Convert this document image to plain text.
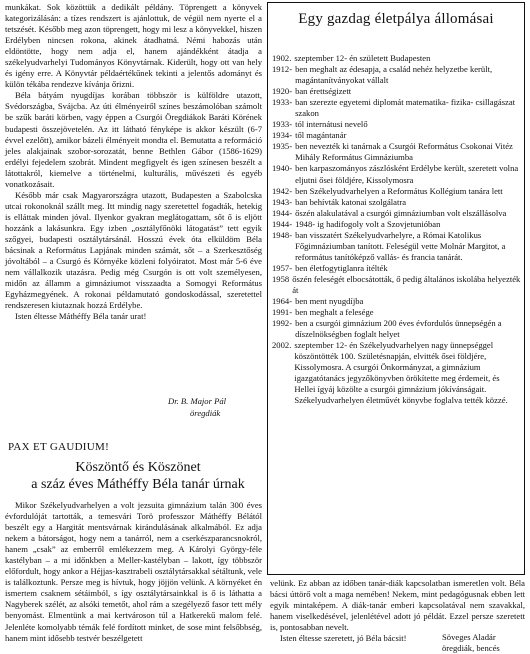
munkákat. Sok közöttük a dedikált példány. Töprengett a könyvek kategorizálásán: a tízes rendszert is ajánlottuk, de végül nem nyerte el a tetszését. Később meg azon töprengett, hogy mi lesz a könyvekkel, hiszen Erdélyben nincsen rokona, akinek átadhatná. Némi habozás után eldöntötte, hogy nem adja el, hanem ajándékként átadja a székelyudvarhelyi Tudományos Könyvtárnak. Kiderült, hogy ott van hely és igény erre. A Könyvtár példaértékűnek tekinti a jelentős adományt és külön tékába rendezve kívánja őrizni.

Béla bátyám nyugdíjas korában többször is külföldre utazott, Svédországba, Svájcba. Az úti élményeiről színes beszámolóban számolt be szűk baráti körben, vagy éppen a Csurgói Öregdiákok Baráti Körének budapesti összejövetelén. Az itt látható fényképe is akkor készült (6-7 évvel ezelőtt), amikor bázeli élményeit mondta el. Bemutatta a reformáció jeles alakjainak szobor-sorozatát, benne Bethlen Gábor (1586-1629) erdélyi fejedelem szobrát. Mindent megfigyelt és igen színesen beszélt a látottakról, kiemelve a történelmi, kulturális, művészeti és egyéb vonatkozásait.

Később már csak Magyarországra utazott, Budapesten a Szabolcska utcai rokonoknál szállt meg. Itt mindig nagy szeretettel fogadták, hetekig is elláttak minden jóval. Ilyenkor gyakran meglátogattam, sőt ő is eljött hozzánk a lakásunkra. Egy izben „osztályfőnöki látogatást” tett egyik szőgyei, budapesti osztálytársánál. Hosszú évek óta elküldöm Béla bácsinak a Református Lapjának minden számát, sőt – a Szerkesztőség jóvoltából – a Csurgó és Környéke közleni folyóiratot. Most már 5-6 éve nem vállalkozik utazásra. Pedig még Csurgón is ott volt személyesen, midőn az államm a gimnáziumot visszaadta a Somogyi Református Egyházmegyének. A rokonai példamutató gondoskodással, szeretettel rendszeresen kiutaznak hozzá Erdélybe.

Isten éltesse Máthéffy Béla tanár urat!

Dr. B. Major Pál
öregdiák
PAX ET GAUDIUM!
Köszöntő és Köszönet
a száz éves Máthéffy Béla tanár úrnak

Mikor Székelyudvarhelyen a volt jezsuita gimnázium talán 300 éves évfordulóját tartották, a temesvári Torö professzor Máthéffy Bélától beszélt egy a Hargitát mentsvárnak kirándulásának alkalmából. Ez adja nekem a bátorságot, hogy nem a tanárról, nem a cserkészparancsnokról, hanem „csak” az emberről emlékezzem meg. A Károlyi György-féle kastélyban – a mi időnkben a Meller-kastélyban – lakott, így többször előfordult, hogy ankor a Héjjas-kasztrabeli osztálytársakkal sétáltunk, vele is találkoztunk. Persze meg is hívtuk, hogy jöjjön velünk. A környéket én ismertem csaknem sétáimból, s így osztálytársainkkal is ő is láthatta a Nagyberek szélét, az alsóki temetőt, ahol rám a szegélyező fasor tett mély benyomást. Elmentünk a mai kertvároson túl a Hatkerekű malom felé. Jelenléte komolyabb témák felé fordított minket, de sose mint felsőbbség, hanem mint idősebb testvér beszélgetett

Egy gazdag életpálya állomásai
1902. szeptember 12- én született Budapesten
1912- ben meghalt az édesapja, a család nehéz helyzetbe került, magántanítványokat vállalt
1920- ban érettségizett
1933- ban szerezte egyetemi diplomát matematika- fizika- csillagászat szakon
1933- tól internátusi nevelő
1934- től magántanár
1935- ben nevezték ki tanárnak a Csurgói Református Csokonai Vitéz Mihály Református Gimnáziumba
1940- ben karpaszományos zászlósként Erdélybe került, szeretett volna eljutni ősei földjére, Kissolymosra
1942- ben Székelyudvarhelyen a Református Kollégium tanára lett
1943- ban behívták katonai szolgálatra
1944- őszén alakulatával a csurgói gimnáziumban volt elszállásolva
1944- 1948- ig hadifogoly volt a Szovjetunióban
1948- ban visszatért Székelyudvarhelyre, a Római Katolikus Főgimnáziumban tanított. Feleségül vette Molnár Margitot, a református tanítóképző vallás- és francia tanárát.
1957- ben életfogytiglanra ítélték
1958 őszén feleségét elbocsátották, ő pedig általános iskolába helyezték át
1964- ben ment nyugdíjba
1991- ben meghalt a felesége
1992- ben a csurgói gimnázium 200 éves évfordulós ünnepségén a díszelnökségben foglalt helyet
2002. szeptember 12- én Székelyudvarhelyen nagy ünnepséggel köszöntötték 100. Születésnapján, elvitték ősei földjére, Kissolymosra. A csurgói Önkormányzat, a gimnázium igazgatótanács jegyzőkönyvben örökítette meg érdemeit, és Hellei ígyáj közölte a csurgói gimnázium jókívánságait. Székelyudvarhelyen életművét könyvbe foglalva tették közzé.

velünk. Ez abban az időben tanár-diák kapcsolatban ismeretlen volt. Béla bácsi úttörő volt a maga nemében! Nekem, mint pedagógusnak ebben lett egyik mintaképem. A diák-tanár emberi kapcsolatával nem szavakkal, hanem viselkedésével, jelenlétével adott jó példát. Ezzel persze szeretett is, pontosabban nevelt.

Isten éltesse szeretett, jó Béla bácsit!	Söveges Aladár
öregdiák, bencés
